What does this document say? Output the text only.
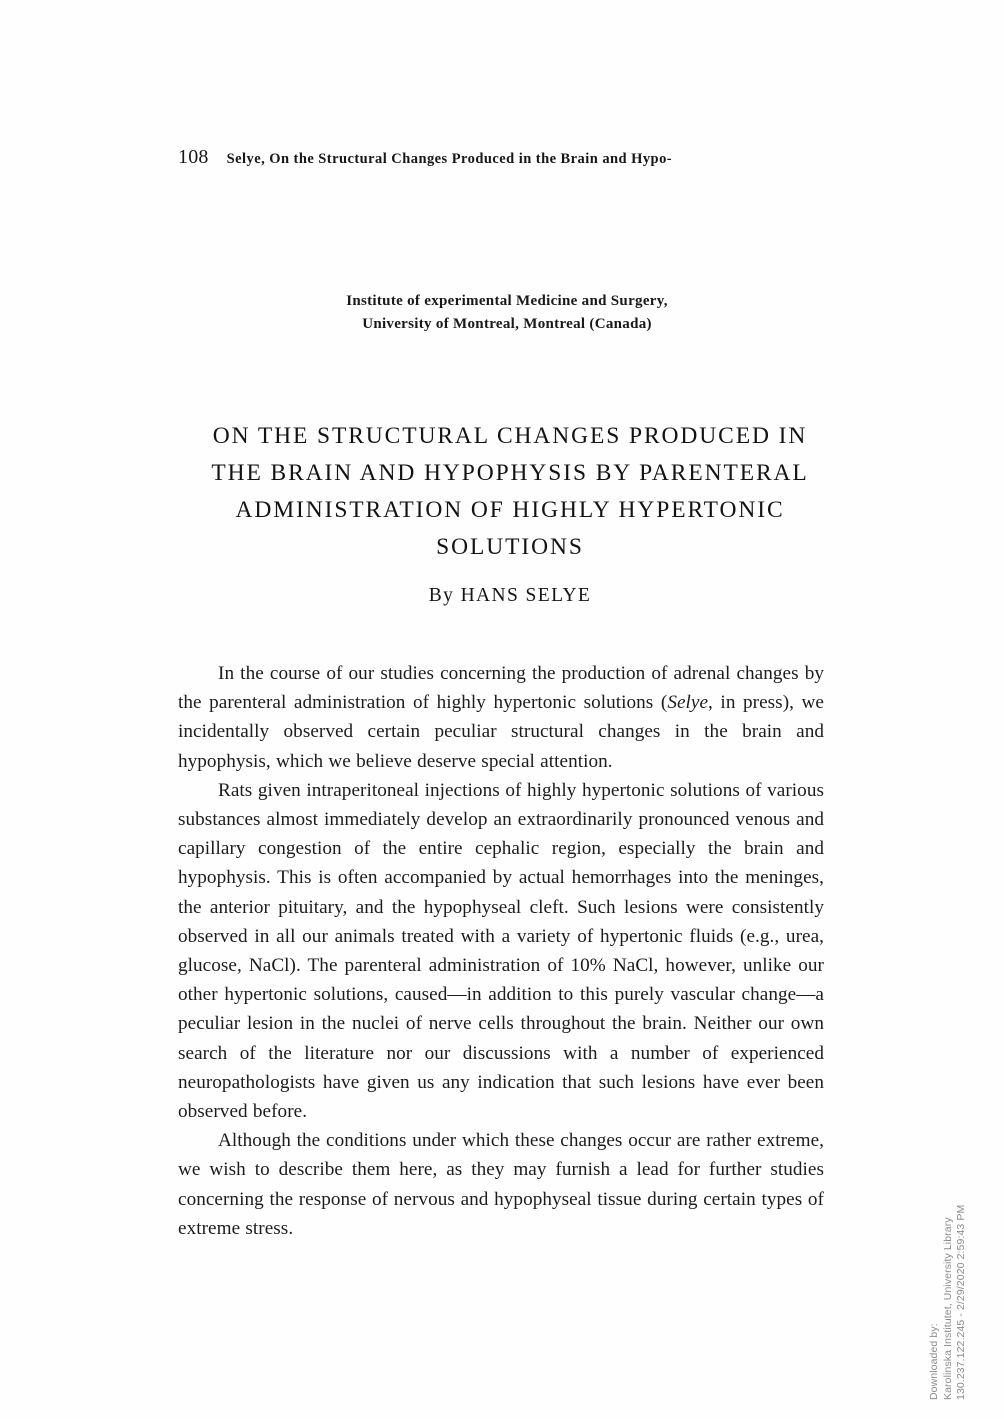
108 Selye, On the Structural Changes Produced in the Brain and Hypo-
Institute of experimental Medicine and Surgery,
University of Montreal, Montreal (Canada)
ON THE STRUCTURAL CHANGES PRODUCED IN
THE BRAIN AND HYPOPHYSIS BY PARENTERAL
ADMINISTRATION OF HIGHLY HYPERTONIC
SOLUTIONS
By HANS SELYE

In the course of our studies concerning the production of adrenal changes by the parenteral administration of highly hypertonic solutions (Selye, in press), we incidentally observed certain peculiar structural changes in the brain and hypophysis, which we believe deserve special attention.

Rats given intraperitoneal injections of highly hypertonic solutions of various substances almost immediately develop an extraordinarily pronounced venous and capillary congestion of the entire cephalic region, especially the brain and hypophysis. This is often accompanied by actual hemorrhages into the meninges, the anterior pituitary, and the hypophyseal cleft. Such lesions were consistently observed in all our animals treated with a variety of hypertonic fluids (e.g., urea, glucose, NaCl). The parenteral administration of 10% NaCl, however, unlike our other hypertonic solutions, caused—in addition to this purely vascular change—a peculiar lesion in the nuclei of nerve cells throughout the brain. Neither our own search of the literature nor our discussions with a number of experienced neuropathologists have given us any indication that such lesions have ever been observed before.

Although the conditions under which these changes occur are rather extreme, we wish to describe them here, as they may furnish a lead for further studies concerning the response of nervous and hypophyseal tissue during certain types of extreme stress.

Downloaded by: Karolinska Institutet, University Library 130.237.122.245 - 2/29/2020 2:59:43 PM
